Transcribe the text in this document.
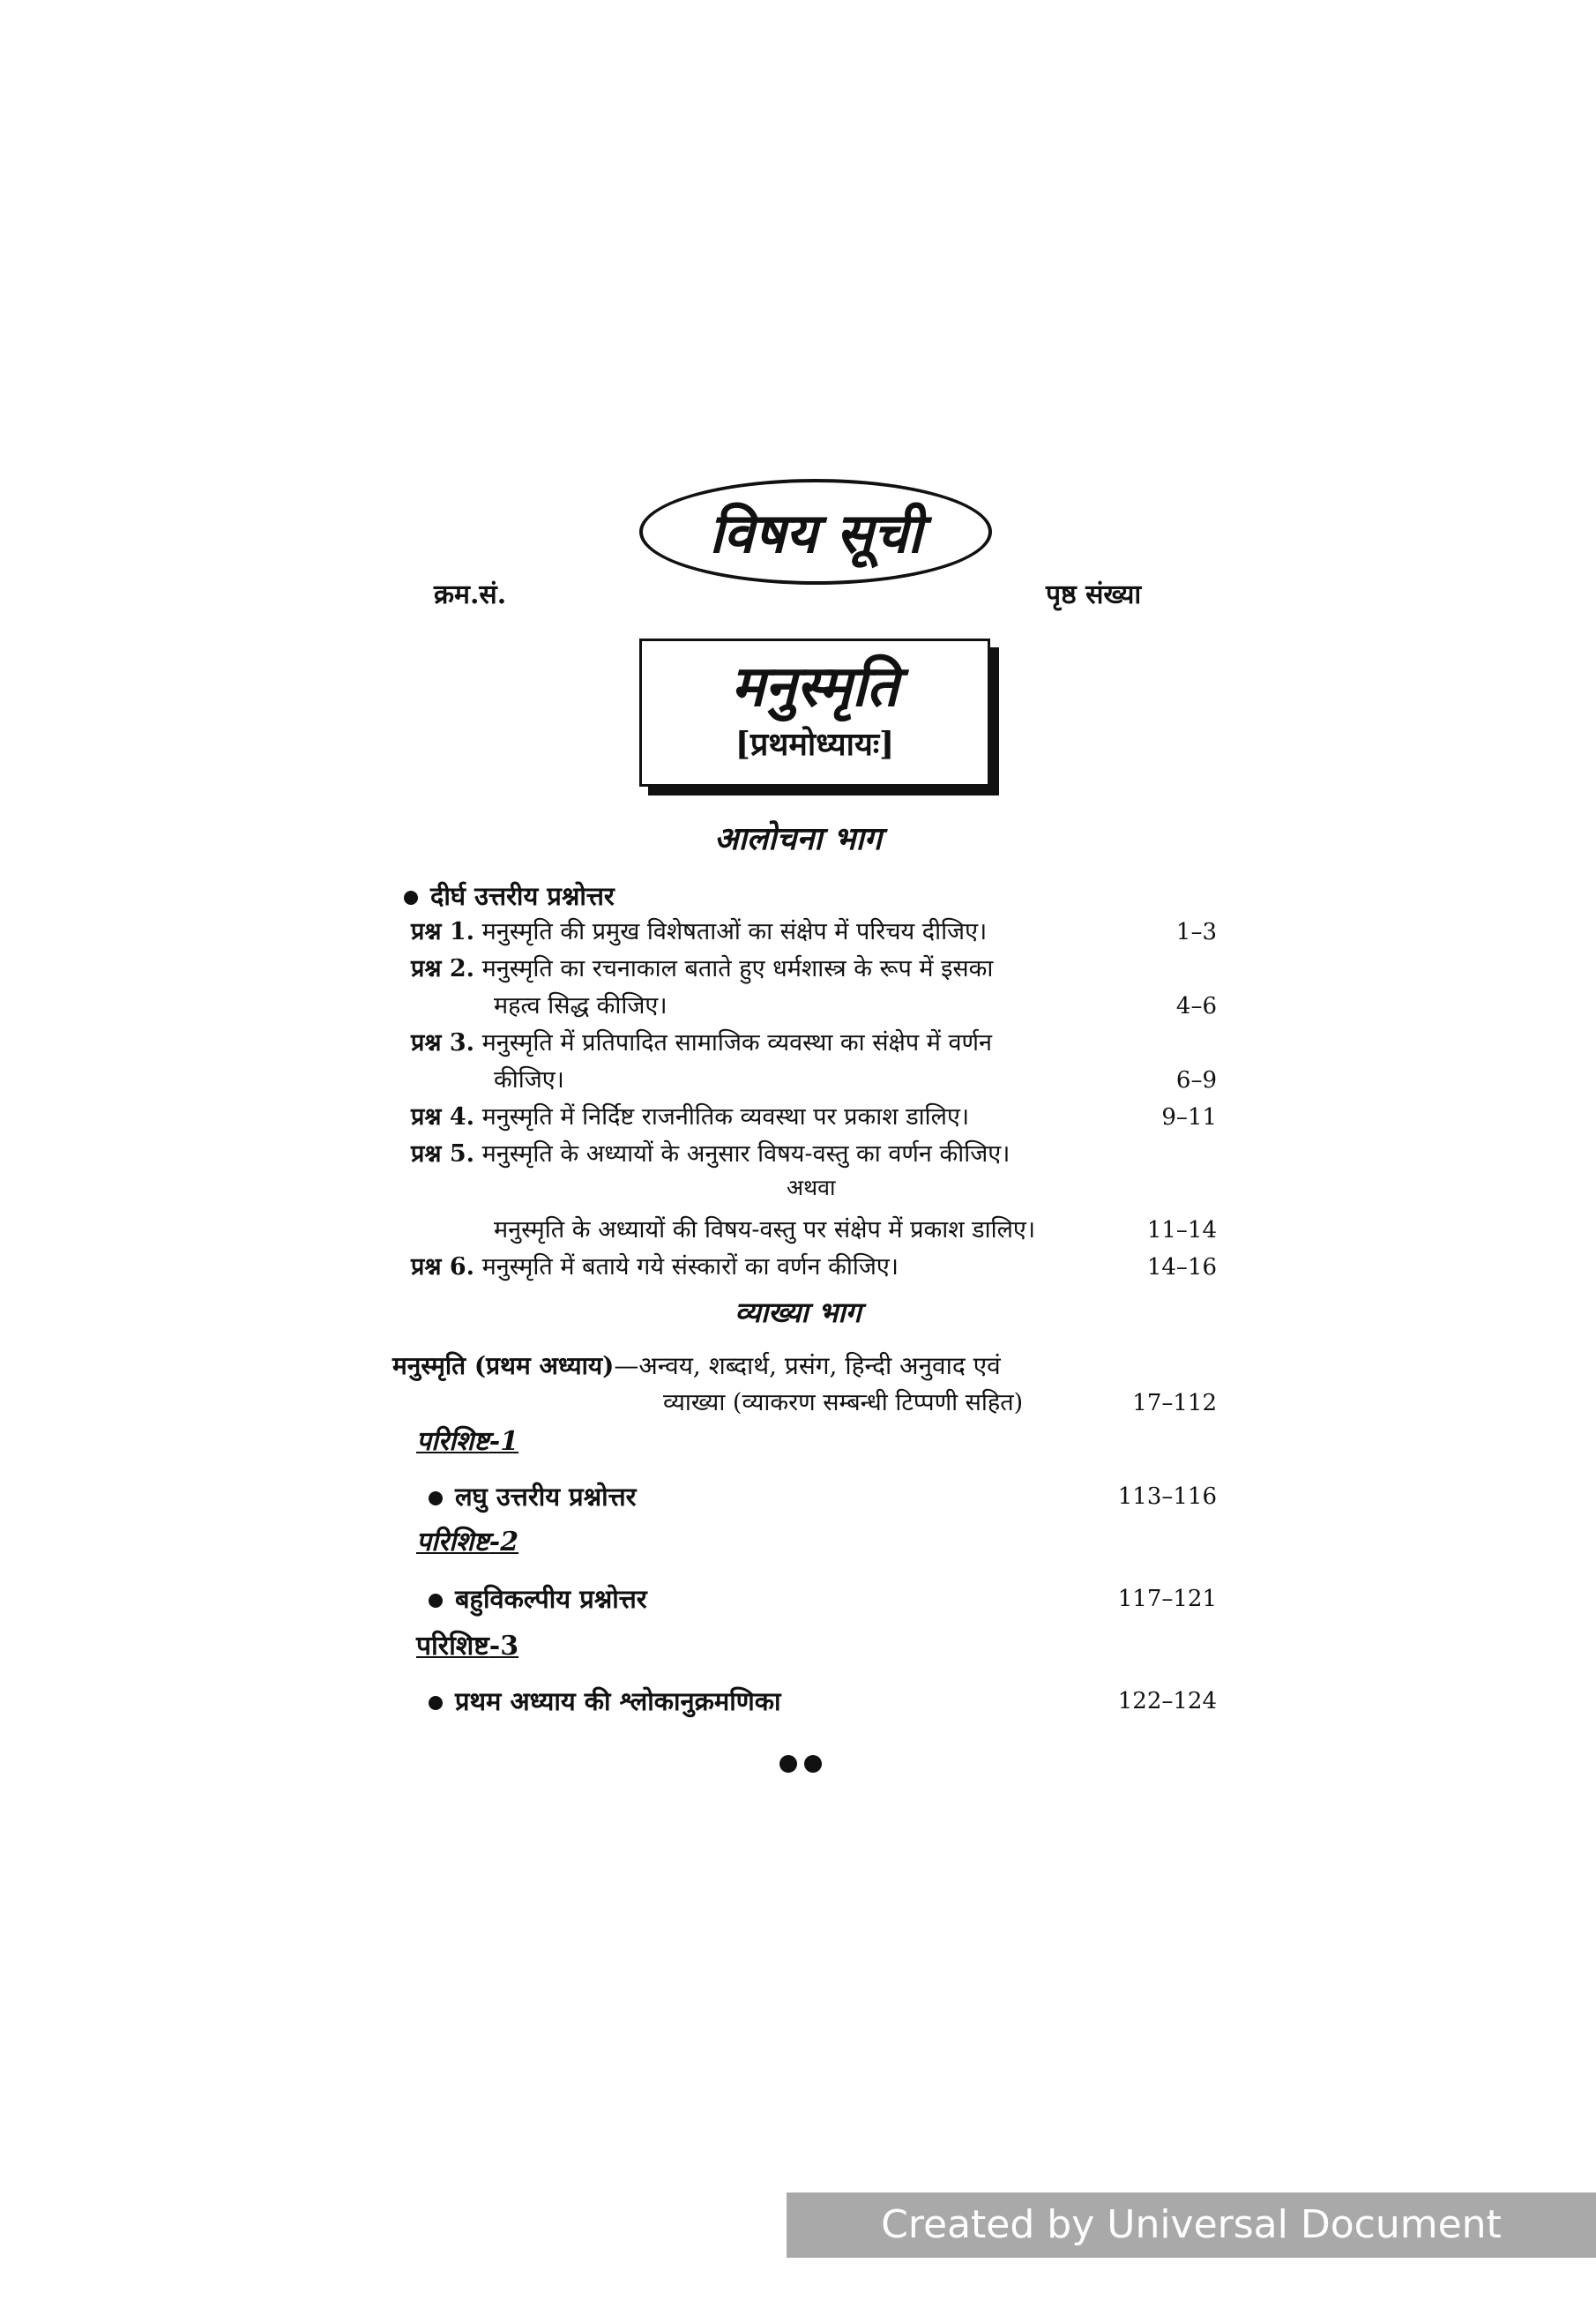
विषय सूची
क्रम.सं.	पृष्ठ संख्या
मनुस्मृति
[प्रथमोध्यायः]
आलोचना भाग
दीर्घ उत्तरीय प्रश्नोत्तर
प्रश्न 1. मनुस्मृति की प्रमुख विशेषताओं का संक्षेप में परिचय दीजिए।	1–3
प्रश्न 2. मनुस्मृति का रचनाकाल बताते हुए धर्मशास्त्र के रूप में इसका
महत्व सिद्ध कीजिए।	4–6
प्रश्न 3. मनुस्मृति में प्रतिपादित सामाजिक व्यवस्था का संक्षेप में वर्णन
कीजिए।	6–9
प्रश्न 4. मनुस्मृति में निर्दिष्ट राजनीतिक व्यवस्था पर प्रकाश डालिए।	9–11
प्रश्न 5. मनुस्मृति के अध्यायों के अनुसार विषय-वस्तु का वर्णन कीजिए।
अथवा
मनुस्मृति के अध्यायों की विषय-वस्तु पर संक्षेप में प्रकाश डालिए।	11–14
प्रश्न 6. मनुस्मृति में बताये गये संस्कारों का वर्णन कीजिए।	14–16
व्याख्या भाग
मनुस्मृति (प्रथम अध्याय)—अन्वय, शब्दार्थ, प्रसंग, हिन्दी अनुवाद एवं
व्याख्या (व्याकरण सम्बन्धी टिप्पणी सहित)	17–112
परिशिष्ट-1
लघु उत्तरीय प्रश्नोत्तर	113–116
परिशिष्ट-2
बहुविकल्पीय प्रश्नोत्तर	117–121
परिशिष्ट-3
प्रथम अध्याय की श्लोकानुक्रमणिका	122–124
Created by Universal Document Converter
